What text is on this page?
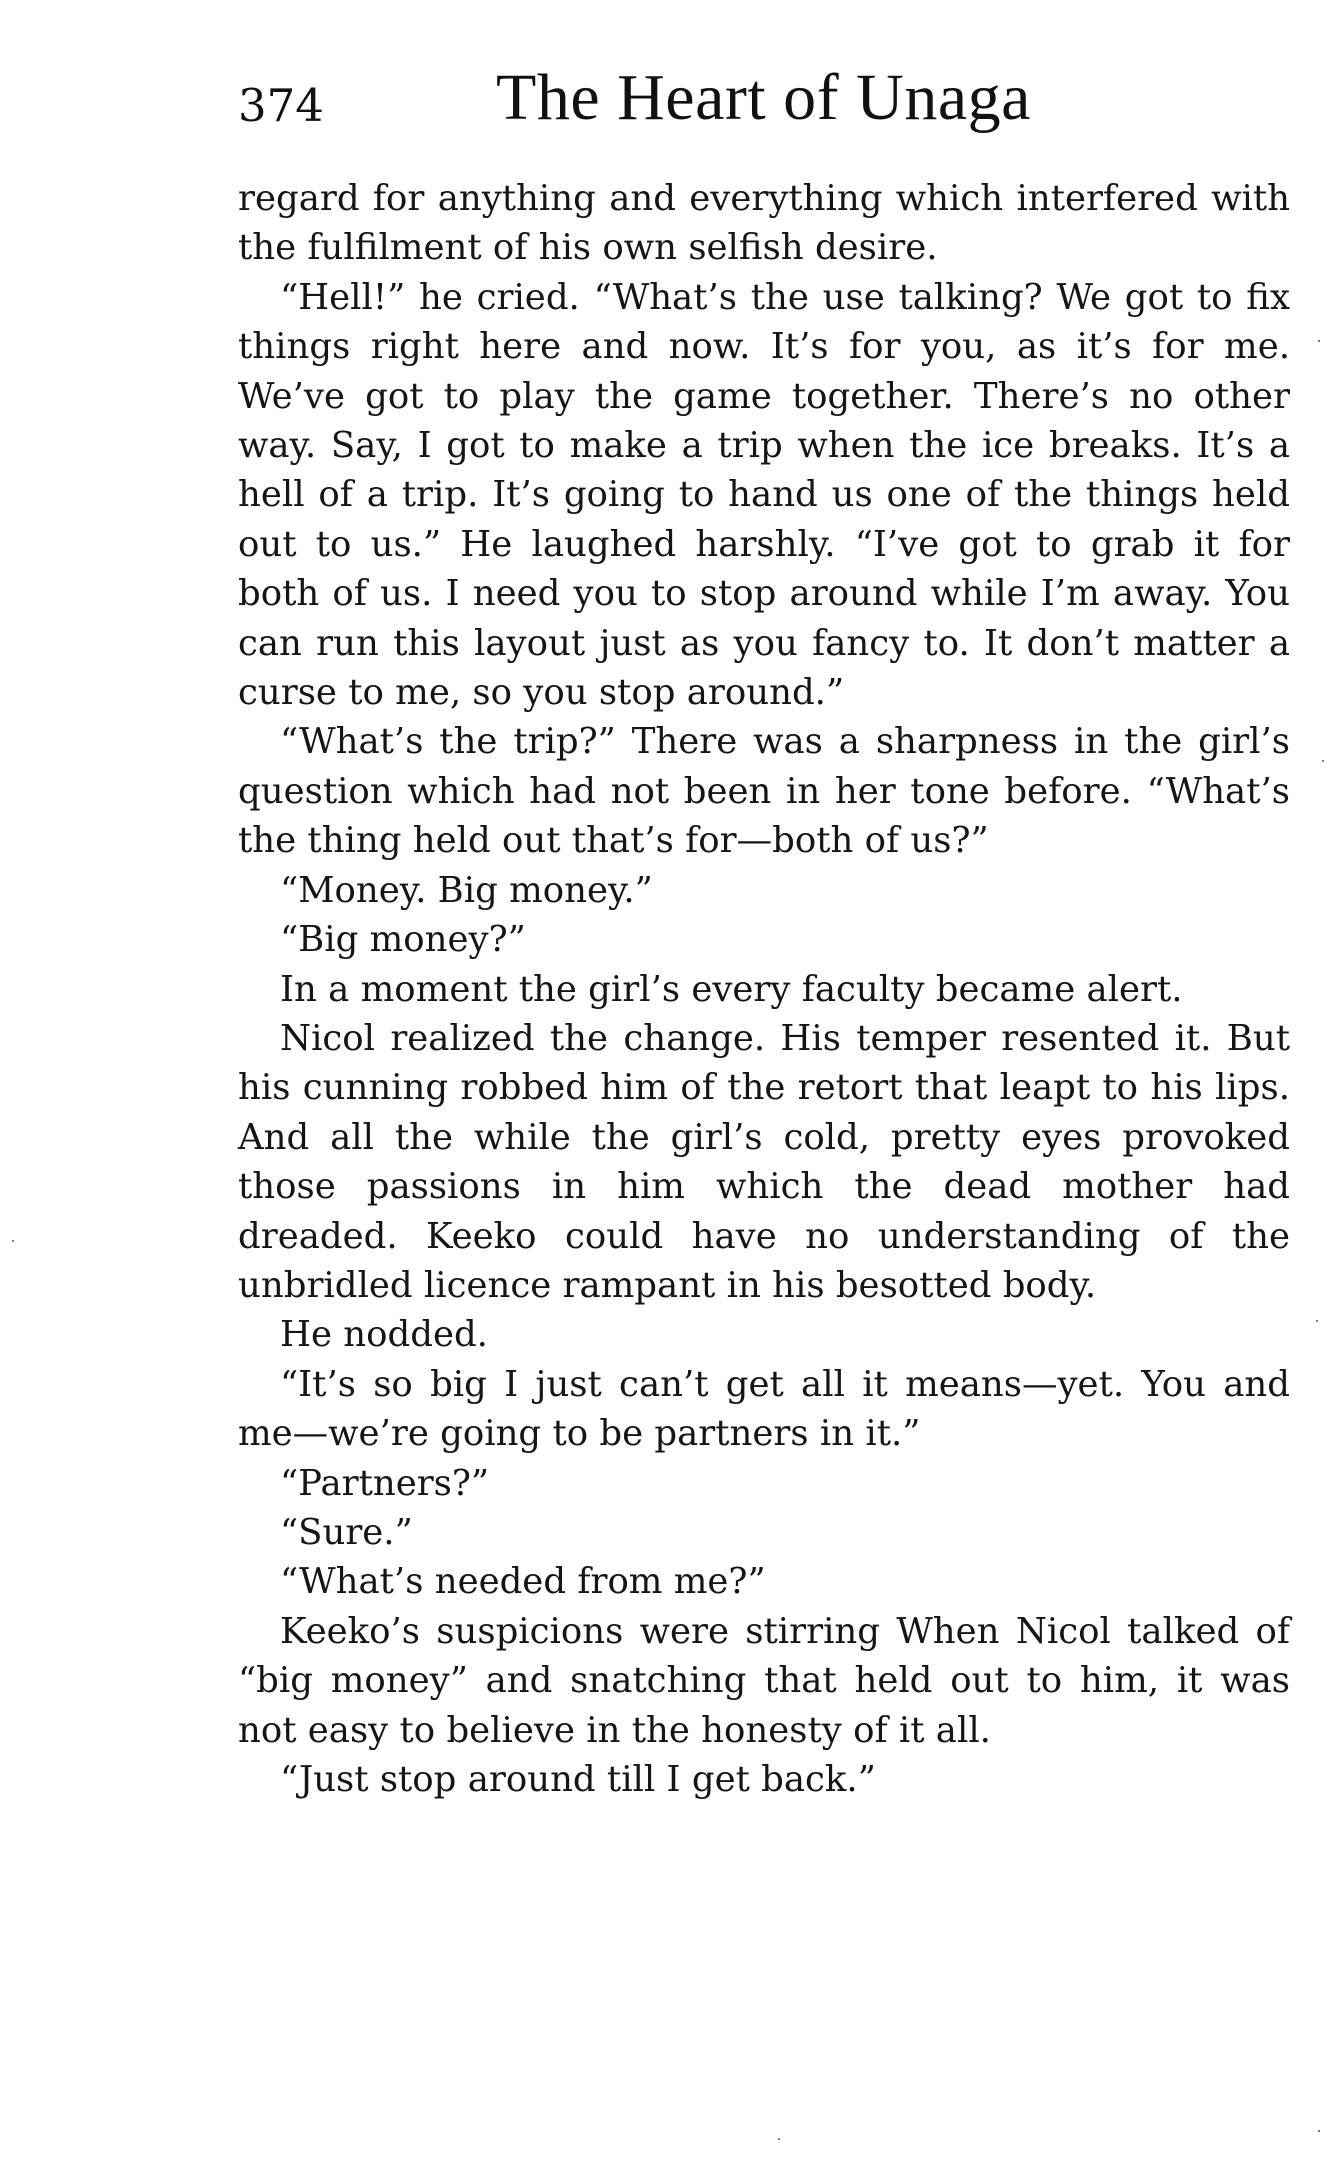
374	The Heart of Unaga

regard for anything and everything which interfered with the fulfilment of his own selfish desire.

“Hell!” he cried. “What’s the use talking? We got to fix things right here and now. It’s for you, as it’s for me. We’ve got to play the game together. There’s no other way. Say, I got to make a trip when the ice breaks. It’s a hell of a trip. It’s going to hand us one of the things held out to us.” He laughed harshly. “I’ve got to grab it for both of us. I need you to stop around while I’m away. You can run this layout just as you fancy to. It don’t matter a curse to me, so you stop around.”

“What’s the trip?” There was a sharpness in the girl’s question which had not been in her tone before. “What’s the thing held out that’s for—both of us?”

“Money. Big money.”

“Big money?”

In a moment the girl’s every faculty became alert.

Nicol realized the change. His temper resented it. But his cunning robbed him of the retort that leapt to his lips. And all the while the girl’s cold, pretty eyes provoked those passions in him which the dead mother had dreaded. Keeko could have no understanding of the unbridled licence rampant in his besotted body.

He nodded.

“It’s so big I just can’t get all it means—yet. You and me—we’re going to be partners in it.”

“Partners?”

“Sure.”

“What’s needed from me?”

Keeko’s suspicions were stirring When Nicol talked of “big money” and snatching that held out to him, it was not easy to believe in the honesty of it all.

“Just stop around till I get back.”
